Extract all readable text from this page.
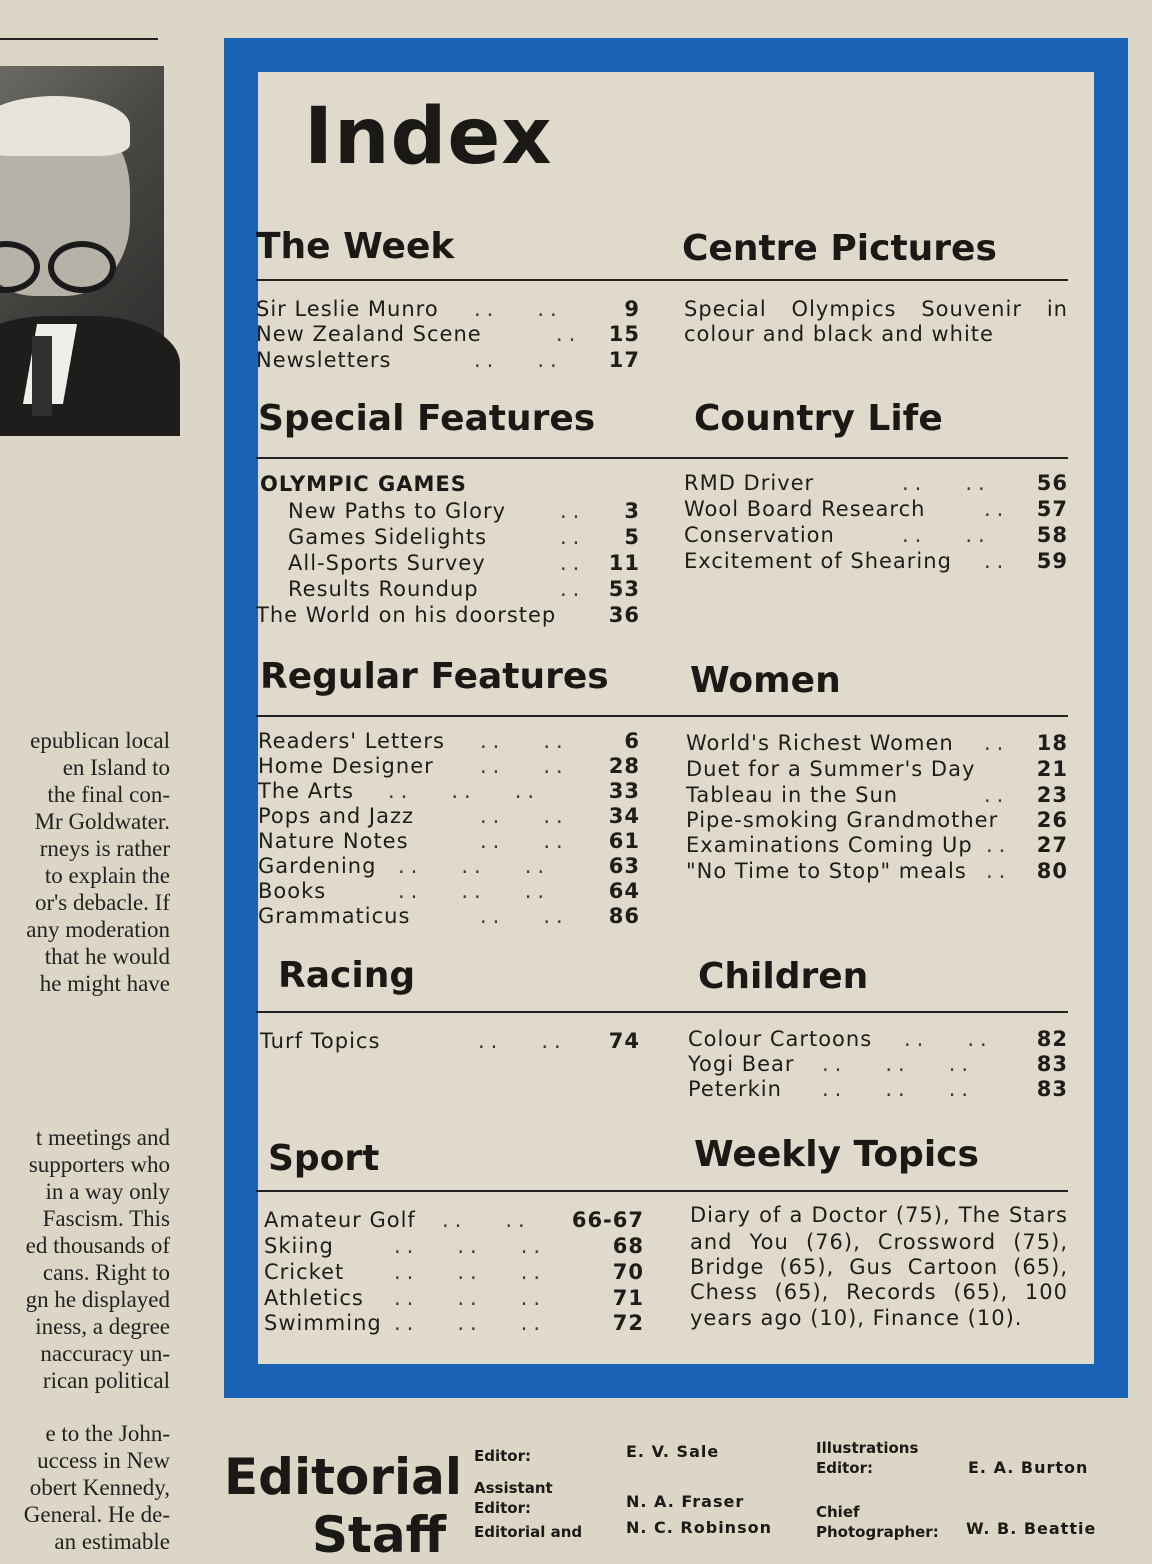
epublican local
en Island to
the final con-
Mr Goldwater.
rneys is rather
to explain the
or's debacle. If
any moderation
that he would
he might have
t meetings and
supporters who
in a way only
Fascism. This
ed thousands of
cans. Right to
gn he displayed
iness, a degree
naccuracy un-
rican political
e to the John-
uccess in New
obert Kennedy,
General. He de-
an estimable
Index
The Week
Sir Leslie Munro ..   ..	9
New Zealand Scene	.. 15
Newsletters	..   .. 17
Centre Pictures
Special Olympics Souvenir in
colour and black and white
Special Features
OLYMPIC GAMES
New Paths to Glory	.. 3
Games Sidelights	.. 5
All-Sports Survey	.. 11
Results Roundup	.. 53
The World on his doorstep 36
Country Life
RMD Driver	..   .. 56
Wool Board Research	.. 57
Conservation	..   .. 58
Excitement of Shearing .. 59
Regular Features
Readers' Letters ..   ..	6
Home Designer ..   .. 28
The Arts ..   ..   ..	33
Pops and Jazz	..   .. 34
Nature Notes	..   .. 61
Gardening ..   ..   ..	63
Books	..   ..   ..	64
Grammaticus	..   .. 86
Women
World's Richest Women .. 18
Duet for a Summer's Day	21
Tableau in the Sun	.. 23
Pipe-smoking Grandmother 26
Examinations Coming Up .. 27
"No Time to Stop" meals .. 80
Racing
Turf Topics	..   .. 74
Children
Colour Cartoons ..   .. 82
Yogi Bear ..   ..   ..	83
Peterkin ..   ..   ..	83
Sport
Amateur Golf ..   .. 66-67
Skiing	..   ..   ..	68
Cricket ..   ..   ..	70
Athletics ..   ..   ..	71
Swimming ..   ..   ..	72
Weekly Topics
Diary of a Doctor (75), The Stars
and You (76), Crossword (75),
Bridge (65), Gus Cartoon (65),
Chess (65), Records (65), 100
years ago (10), Finance (10).
Editorial
Staff
Editor:	E. V. Sale
Assistant
Editor:	N. A. Fraser
Editorial and	N. C. Robinson
Illustrations
Editor:	E. A. Burton
Chief
Photographer: W. B. Beattie
